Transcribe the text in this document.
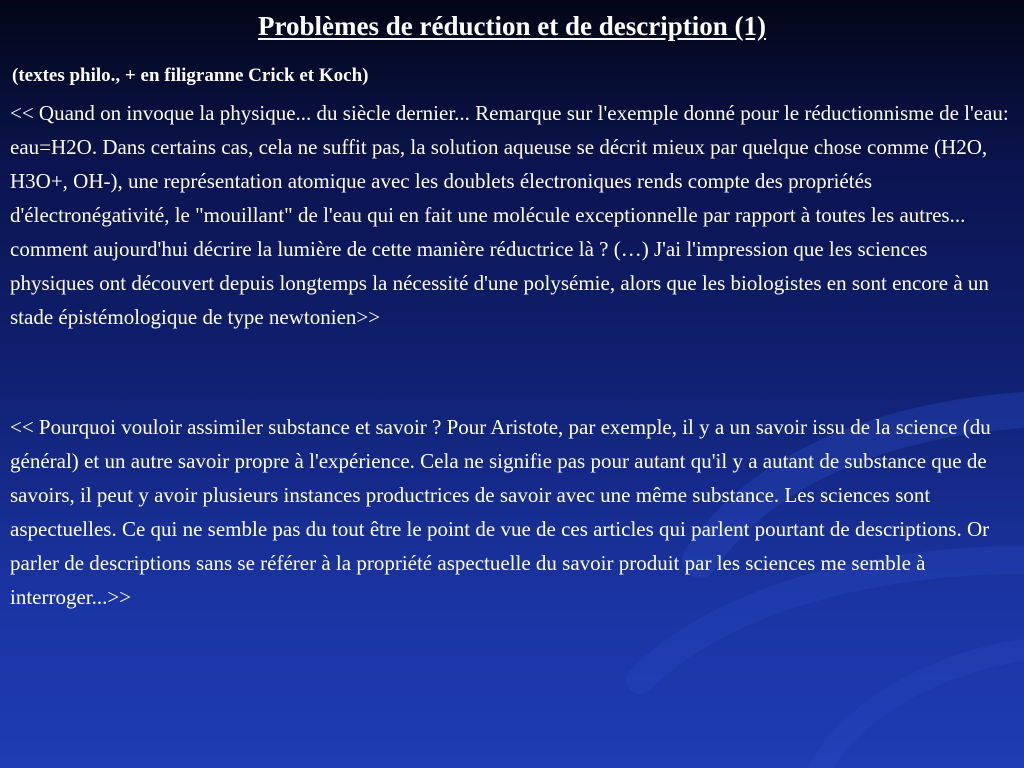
Problèmes de réduction et de description (1)

(textes philo., + en filigranne Crick et Koch)

<< Quand on invoque la physique... du siècle dernier... Remarque sur l'exemple donné pour le réductionnisme de l'eau: eau=H2O. Dans certains cas, cela ne suffit pas, la solution aqueuse se décrit mieux par quelque chose comme (H2O, H3O+, OH-), une représentation atomique avec les doublets électroniques rends compte des propriétés d'électronégativité, le "mouillant" de l'eau qui en fait une molécule exceptionnelle par rapport à toutes les autres... comment aujourd'hui décrire la lumière de cette manière réductrice là ? (…) J'ai l'impression que les sciences physiques ont découvert depuis longtemps la nécessité d'une polysémie, alors que les biologistes en sont encore à un stade épistémologique de type newtonien>>

<< Pourquoi vouloir assimiler substance et savoir ? Pour Aristote, par exemple, il y a un savoir issu de la science (du général) et un autre savoir propre à l'expérience. Cela ne signifie pas pour autant qu'il y a autant de substance que de savoirs, il peut y avoir plusieurs instances productrices de savoir avec une même substance. Les sciences sont aspectuelles. Ce qui ne semble pas du tout être le point de vue de ces articles qui parlent pourtant de descriptions. Or parler de descriptions sans se référer à la propriété aspectuelle du savoir produit par les sciences me semble à interroger...>>
